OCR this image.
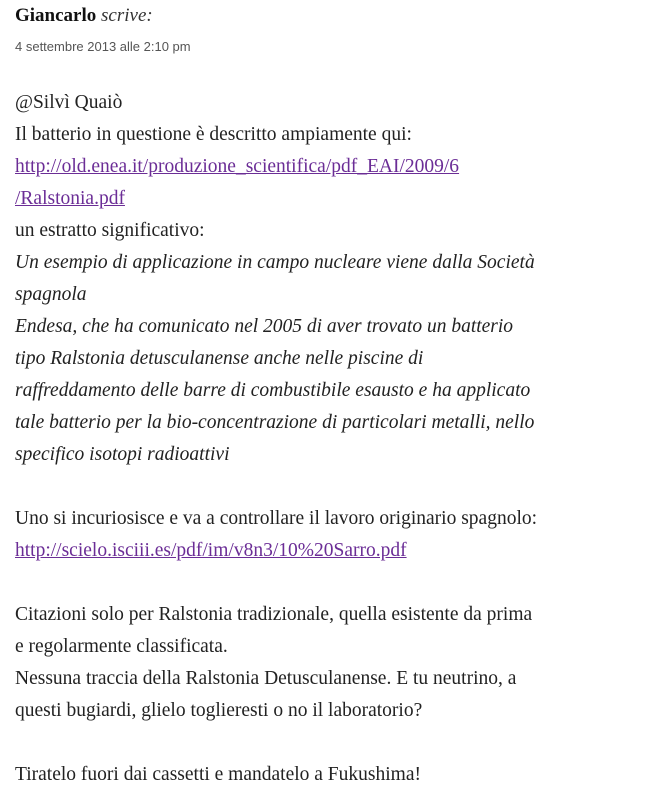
Giancarlo scrive:
4 settembre 2013 alle 2:10 pm
@Silvì Quaiò
Il batterio in questione è descritto ampiamente qui:
http://old.enea.it/produzione_scientifica/pdf_EAI/2009/6
/Ralstonia.pdf
un estratto significativo:
Un esempio di applicazione in campo nucleare viene dalla Società
spagnola
Endesa, che ha comunicato nel 2005 di aver trovato un batterio
tipo Ralstonia detusculanense anche nelle piscine di
raffreddamento delle barre di combustibile esausto e ha applicato
tale batterio per la bio-concentrazione di particolari metalli, nello
specifico isotopi radioattivi
Uno si incuriosisce e va a controllare il lavoro originario spagnolo:
http://scielo.isciii.es/pdf/im/v8n3/10%20Sarro.pdf
Citazioni solo per Ralstonia tradizionale, quella esistente da prima
e regolarmente classificata.
Nessuna traccia della Ralstonia Detusculanense. E tu neutrino, a
questi bugiardi, glielo toglieresti o no il laboratorio?
Tiratelo fuori dai cassetti e mandatelo a Fukushima!
